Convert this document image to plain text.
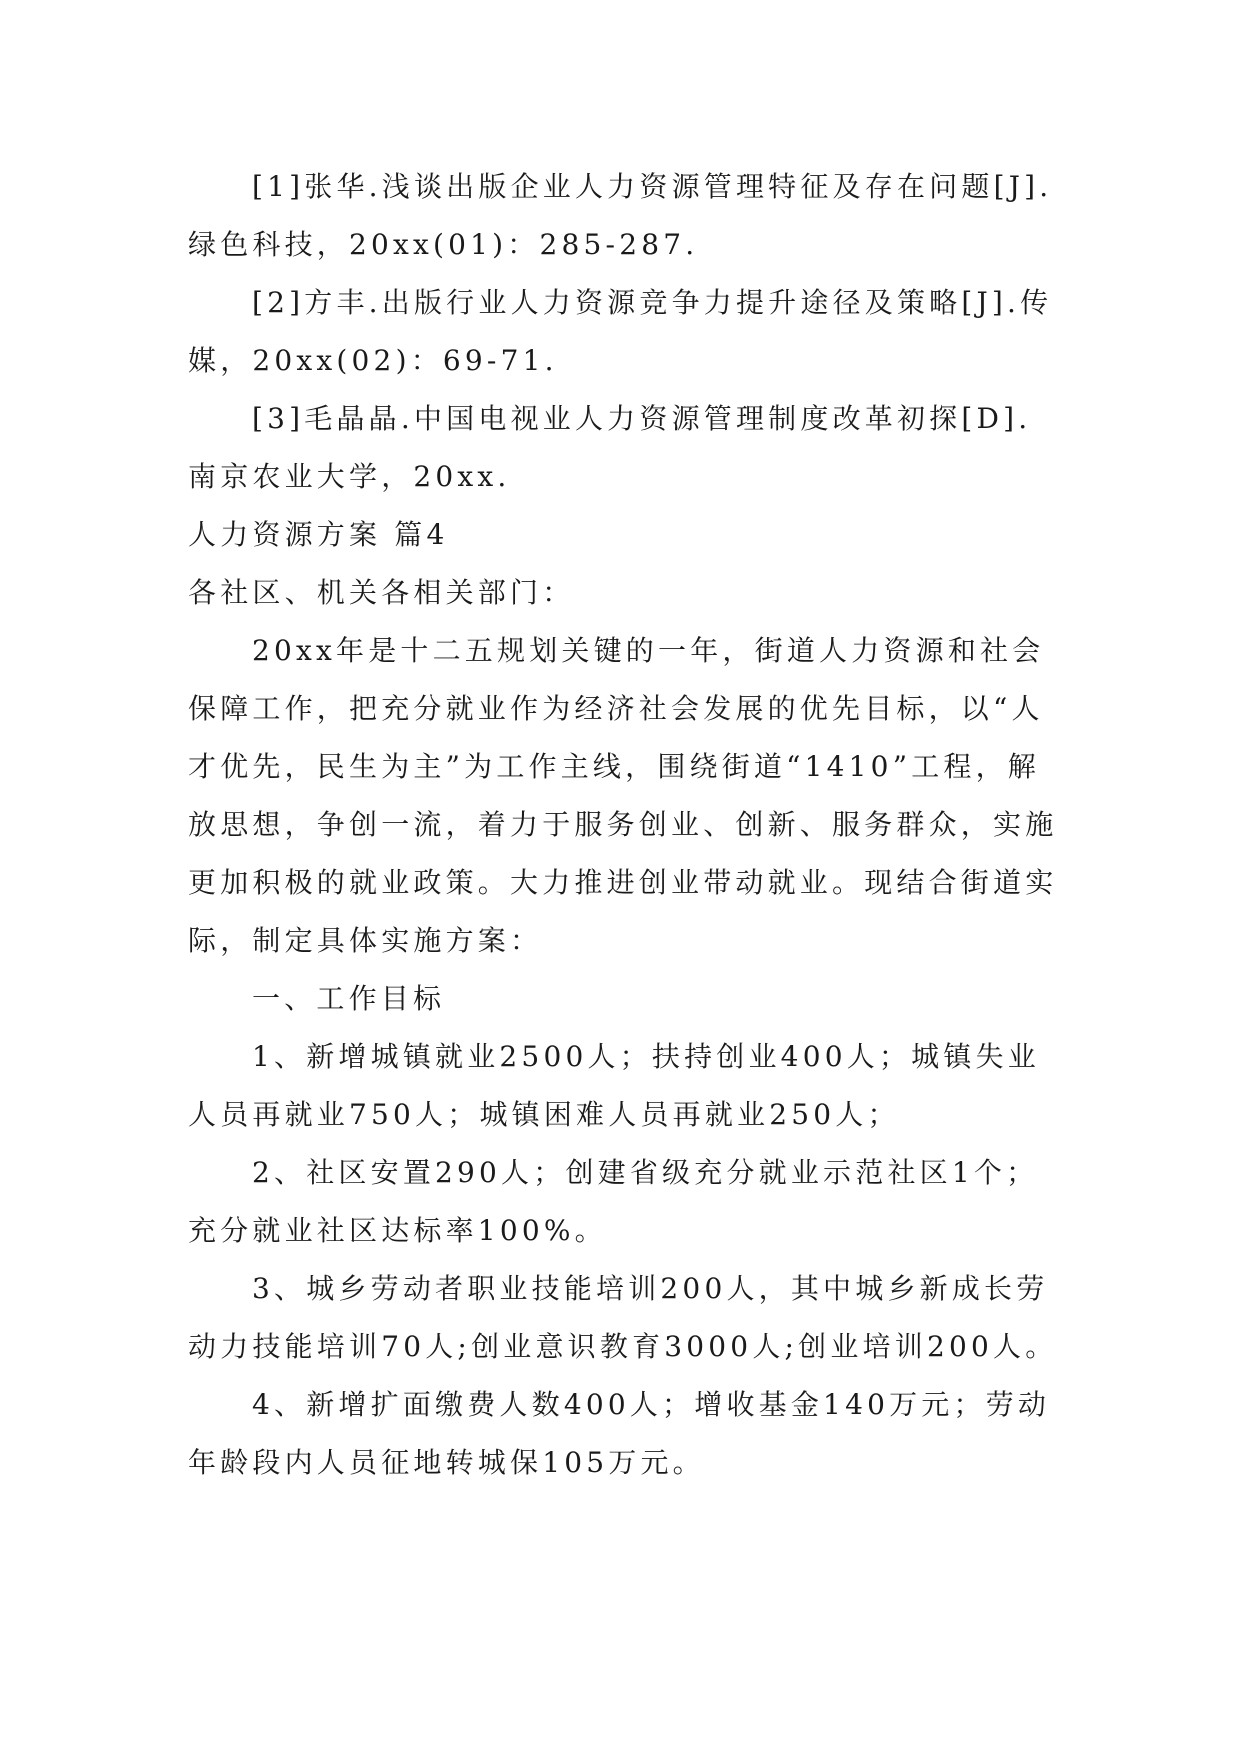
[1]张华.浅谈出版企业人力资源管理特征及存在问题[J].绿色科技，20xx(01)：285-287.

[2]方丰.出版行业人力资源竞争力提升途径及策略[J].传媒，20xx(02)：69-71.

[3]毛晶晶.中国电视业人力资源管理制度改革初探[D].南京农业大学，20xx.

人力资源方案 篇4

各社区、机关各相关部门：

20xx年是十二五规划关键的一年，街道人力资源和社会保障工作，把充分就业作为经济社会发展的优先目标，以“人才优先，民生为主”为工作主线，围绕街道“1410”工程，解放思想，争创一流，着力于服务创业、创新、服务群众，实施更加积极的就业政策。大力推进创业带动就业。现结合街道实际，制定具体实施方案：

一、工作目标

1、新增城镇就业2500人；扶持创业400人；城镇失业人员再就业750人；城镇困难人员再就业250人；

2、社区安置290人；创建省级充分就业示范社区1个；充分就业社区达标率100%。

3、城乡劳动者职业技能培训200人，其中城乡新成长劳动力技能培训70人;创业意识教育3000人;创业培训200人。

4、新增扩面缴费人数400人；增收基金140万元；劳动年龄段内人员征地转城保105万元。
